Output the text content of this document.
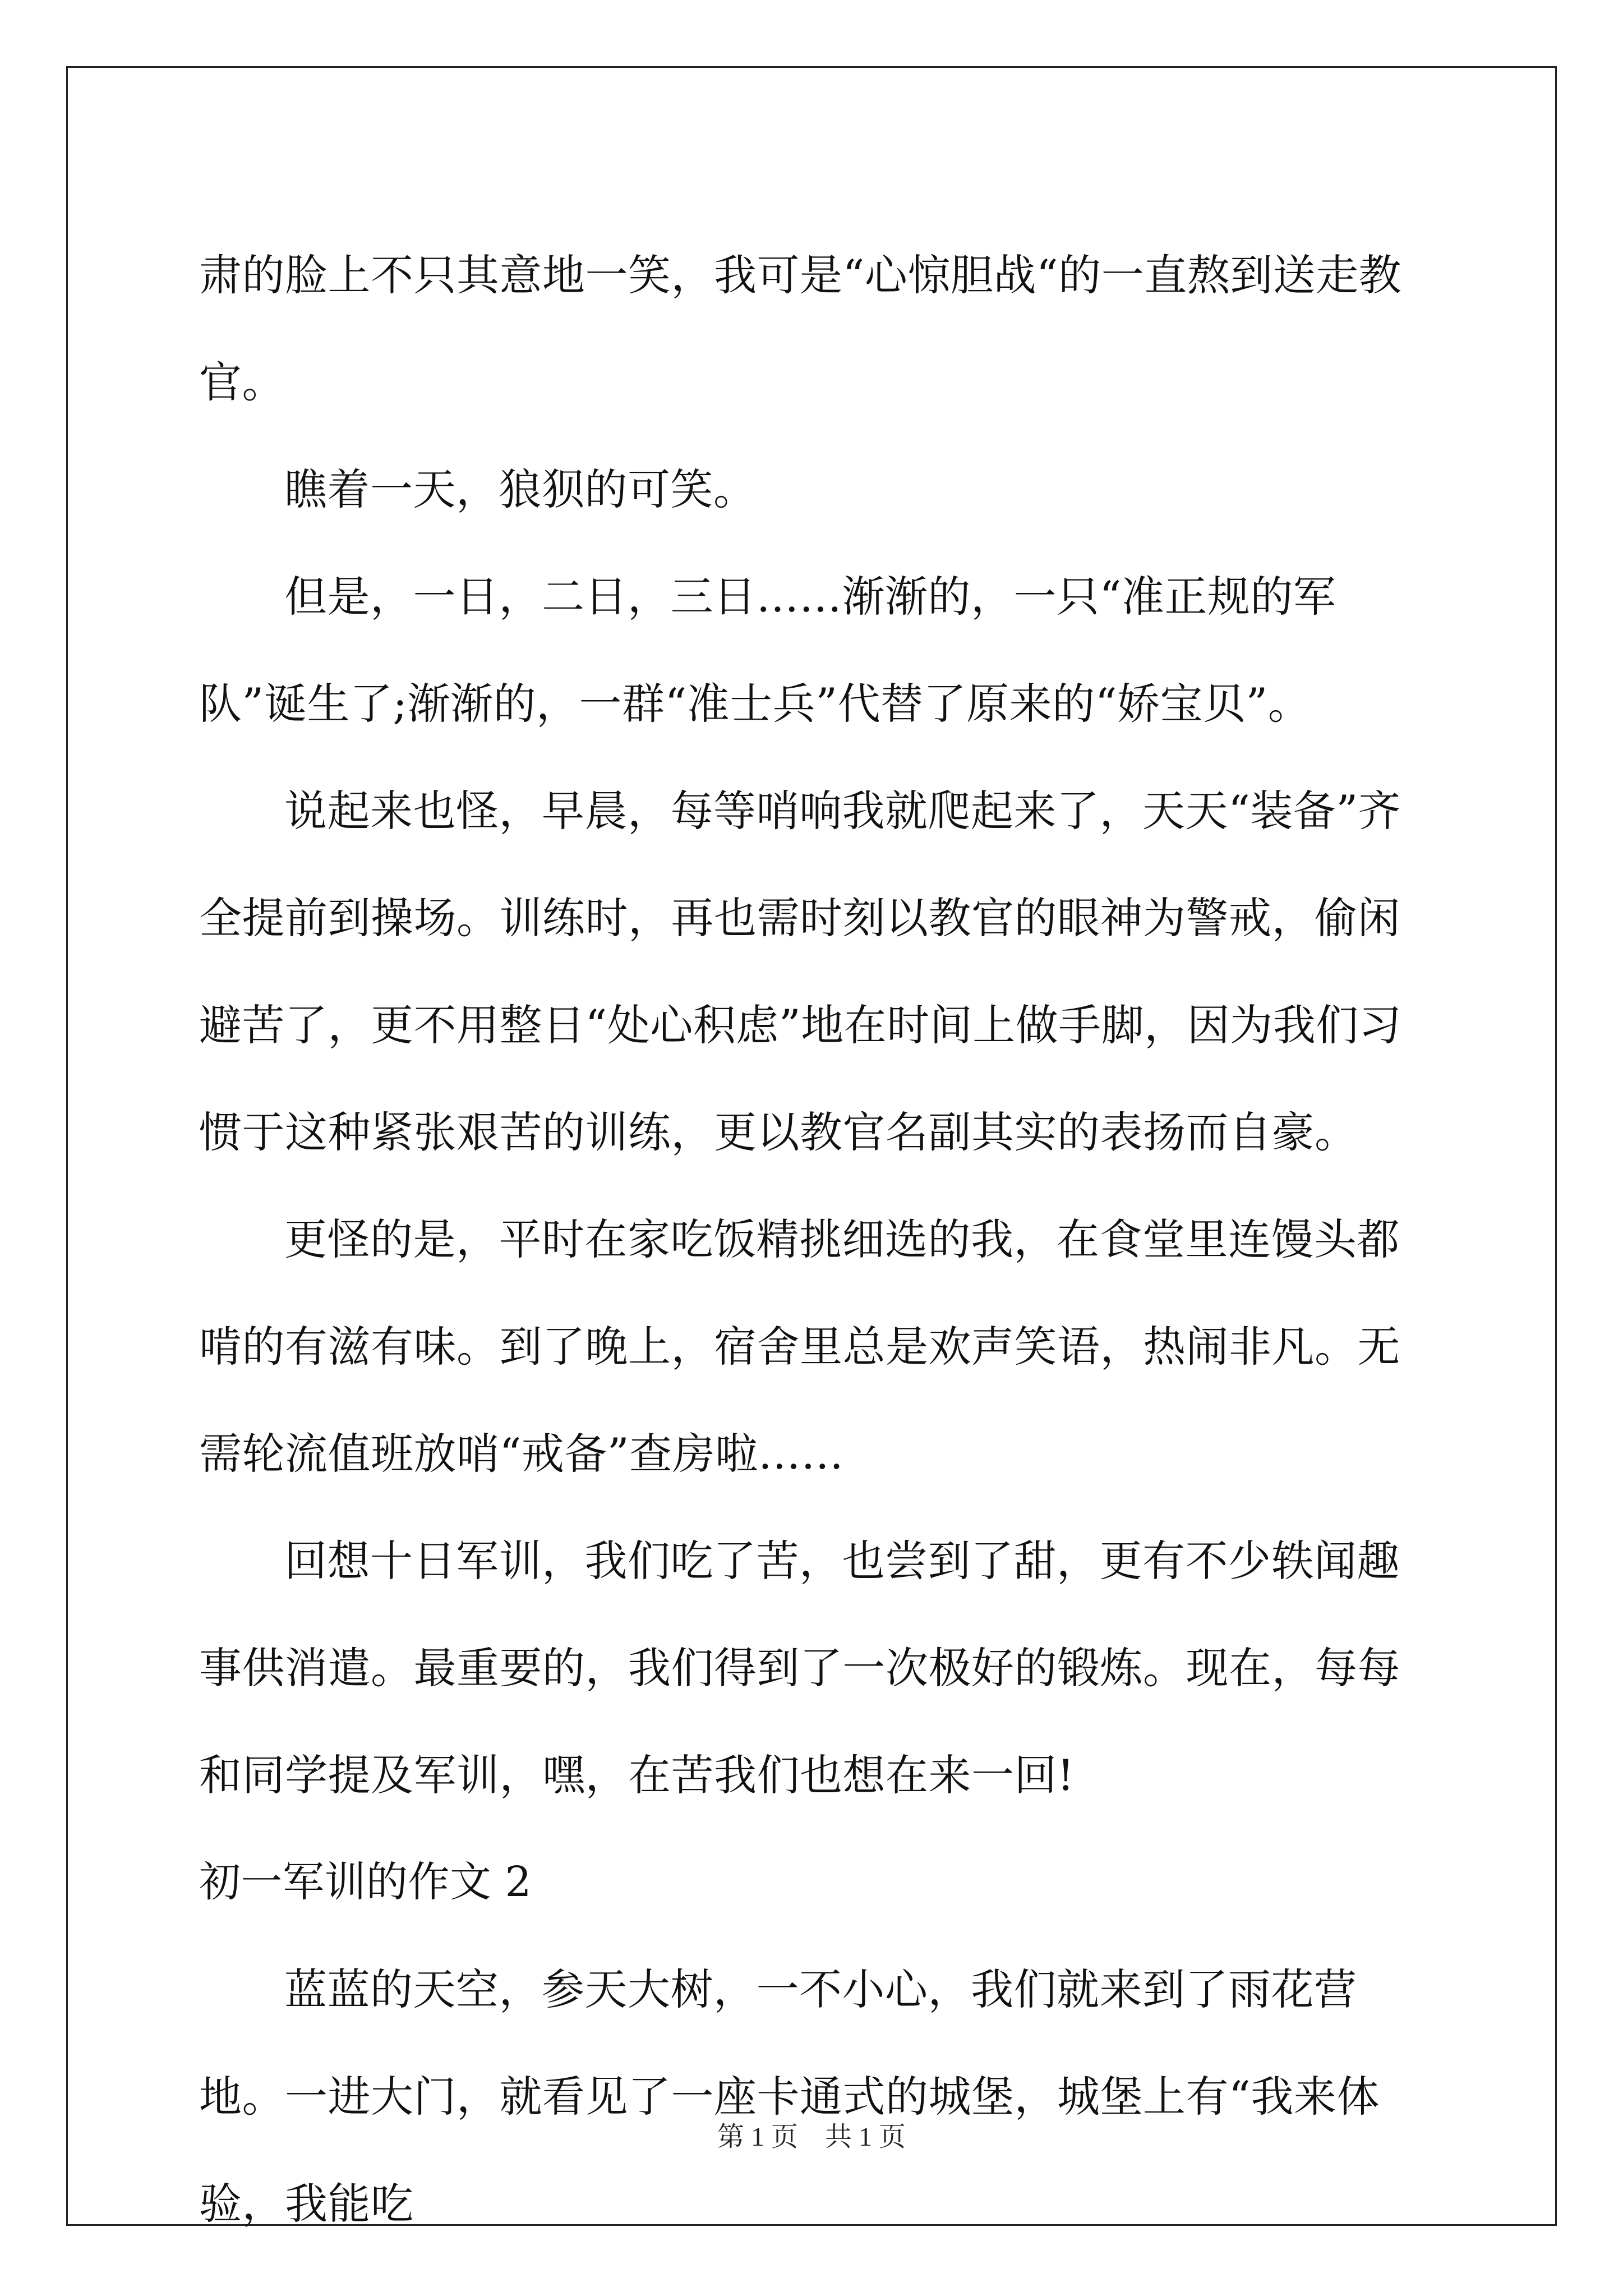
肃的脸上不只其意地一笑，我可是“心惊胆战“的一直熬到送走教官。

瞧着一天，狼狈的可笑。

但是，一日，二日，三日……渐渐的，一只“准正规的军队”诞生了;渐渐的，一群“准士兵”代替了原来的“娇宝贝”。

说起来也怪，早晨，每等哨响我就爬起来了，天天“装备”齐全提前到操场。训练时，再也需时刻以教官的眼神为警戒，偷闲避苦了，更不用整日“处心积虑”地在时间上做手脚，因为我们习惯于这种紧张艰苦的训练，更以教官名副其实的表扬而自豪。

更怪的是，平时在家吃饭精挑细选的我，在食堂里连馒头都啃的有滋有味。到了晚上，宿舍里总是欢声笑语，热闹非凡。无需轮流值班放哨“戒备”查房啦……

回想十日军训，我们吃了苦，也尝到了甜，更有不少轶闻趣事供消遣。最重要的，我们得到了一次极好的锻炼。现在，每每和同学提及军训，嘿，在苦我们也想在来一回!

初一军训的作文 2

蓝蓝的天空，参天大树，一不小心，我们就来到了雨花营地。一进大门，就看见了一座卡通式的城堡，城堡上有“我来体验，我能吃

第 1 页　共 1 页
